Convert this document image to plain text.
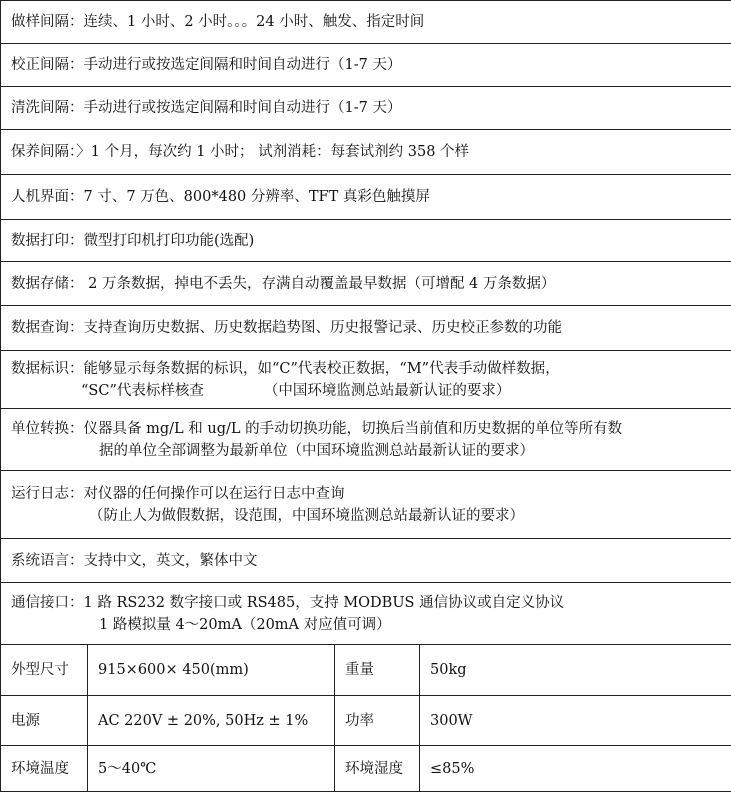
做样间隔：连续、1 小时、2 小时。。。24 小时、触发、指定时间			
校正间隔：手动进行或按选定间隔和时间自动进行（1-7 天）			
清洗间隔：手动进行或按选定间隔和时间自动进行（1-7 天）			
保养间隔：〉1 个月，每次约 1 小时； 试剂消耗：每套试剂约 358 个样			
人机界面：7 寸、7 万色、800*480 分辨率、TFT 真彩色触摸屏			
数据打印：微型打印机打印功能(选配)			
数据存储： 2 万条数据，掉电不丢失，存满自动覆盖最早数据（可增配 4 万条数据）			
数据查询：支持查询历史数据、历史数据趋势图、历史报警记录、历史校正参数的功能			

数据标识：能够显示每条数据的标识，如“C”代表校正数据，“M”代表手动做样数据，
“SC”代表标样核查 （中国环境监测总站最新认证的要求）			

单位转换：仪器具备 mg/L 和 ug/L 的手动切换功能，切换后当前值和历史数据的单位等所有数
据的单位全部调整为最新单位（中国环境监测总站最新认证的要求）			

运行日志：对仪器的任何操作可以在运行日志中查询
（防止人为做假数据，设范围，中国环境监测总站最新认证的要求）			

系统语言：支持中文，英文，繁体中文			

通信接口：1 路 RS232 数字接口或 RS485，支持 MODBUS 通信协议或自定义协议
1 路模拟量 4～20mA（20mA 对应值可调）			

外型尺寸	915×600× 450(mm)	重量	50kg
电源	AC 220V ± 20%, 50Hz ± 1%	功率	300W
环境温度	5～40℃	环境湿度	≤85%
